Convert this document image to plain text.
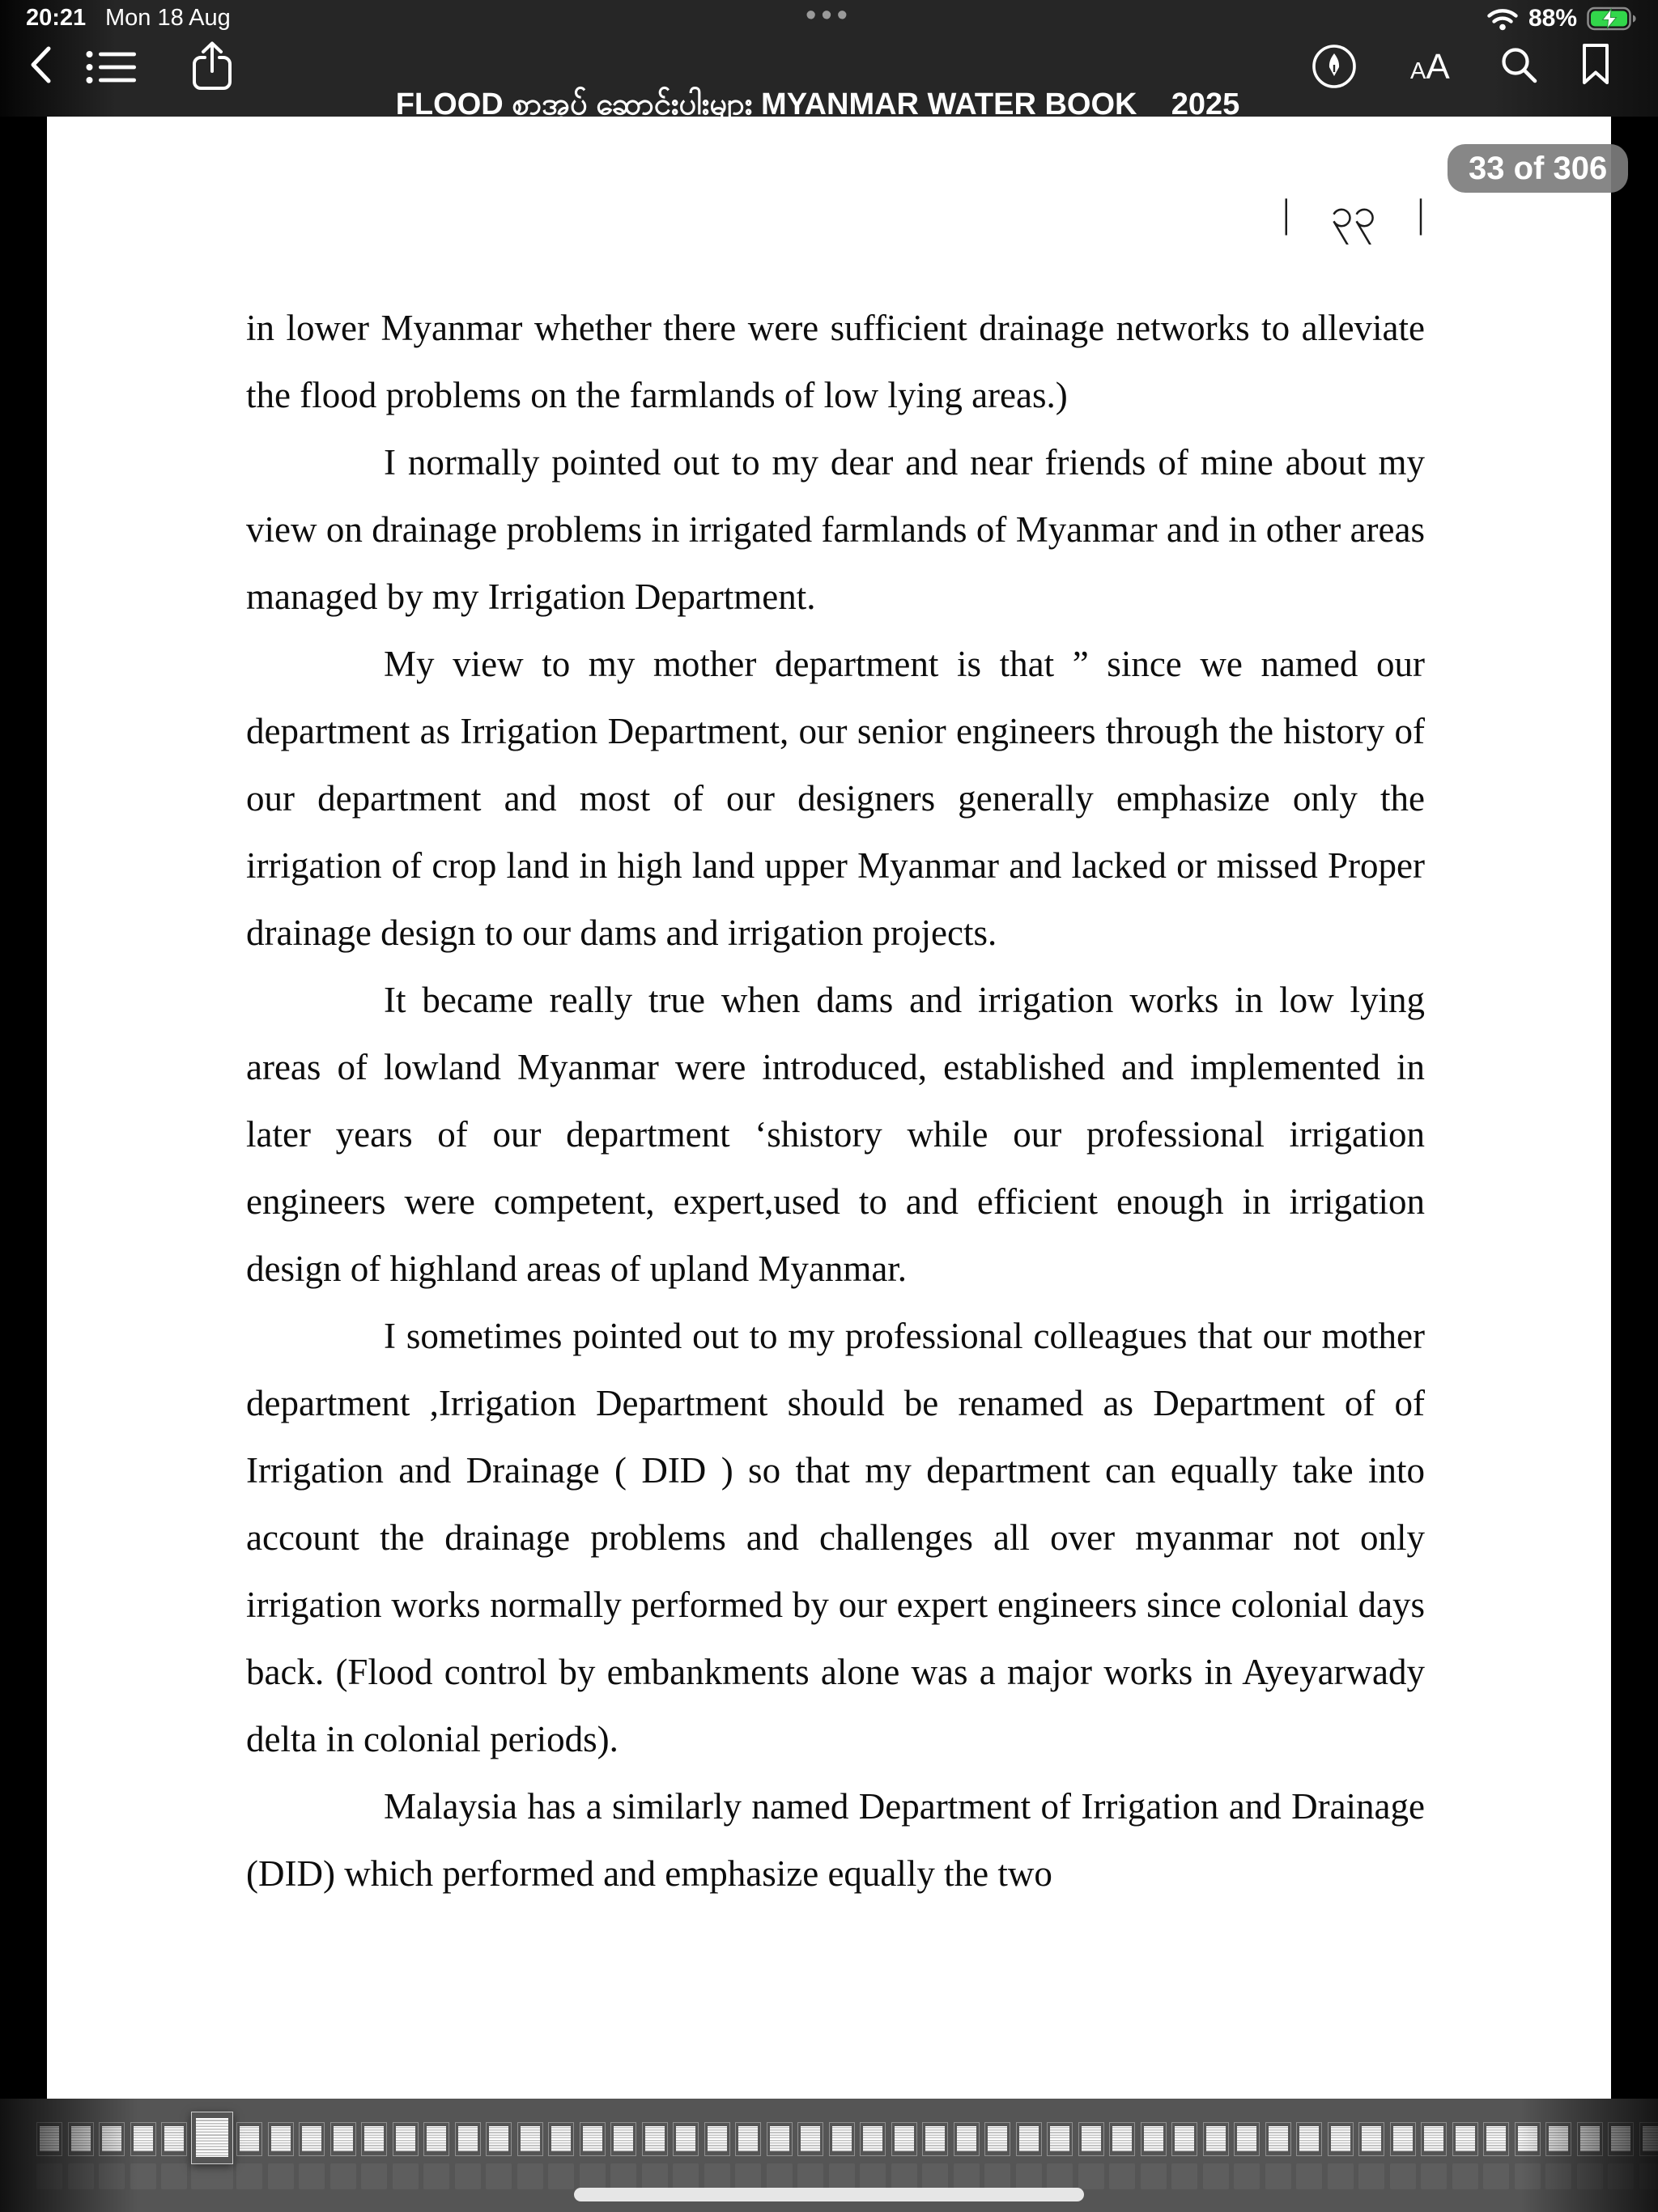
|    ၃၃    |

in lower Myanmar whether there were sufficient drainage networks to alleviate the flood problems on the farmlands of low lying areas.)

I normally pointed out to my dear and near friends of mine about my view on drainage problems in irrigated farmlands of Myanmar and in other areas managed by my Irrigation Department.

My view to my mother department is that ” since we named our department as Irrigation Department, our senior engineers through the history of our department and most of our designers generally emphasize only the irrigation of crop land in high land upper Myanmar and lacked or missed Proper drainage design to our dams and irrigation projects.

It became really true when dams and irrigation works in low lying areas of lowland Myanmar were introduced, established and implemented in later years of our department ‘shistory while our professional irrigation engineers were competent, expert,used to and efficient enough in irrigation design of highland areas of upland Myanmar.

I sometimes pointed out to my professional colleagues that our mother department ,Irrigation Department should be renamed as Department of of Irrigation and Drainage ( DID ) so that my department can equally take into account the drainage problems and challenges all over myanmar not only irrigation works normally performed by our expert engineers since colonial days back. (Flood control by embankments alone was a major works in Ayeyarwady delta in colonial periods).

Malaysia has a similarly named Department of Irrigation and Drainage (DID) which performed and emphasize equally the two

33 of 306
20:21 Mon 18 Aug	•••	88%
FLOOD စာအုပ် ဆောင်းပါးများ MYANMAR WATER BOOK _ 2025
A A
